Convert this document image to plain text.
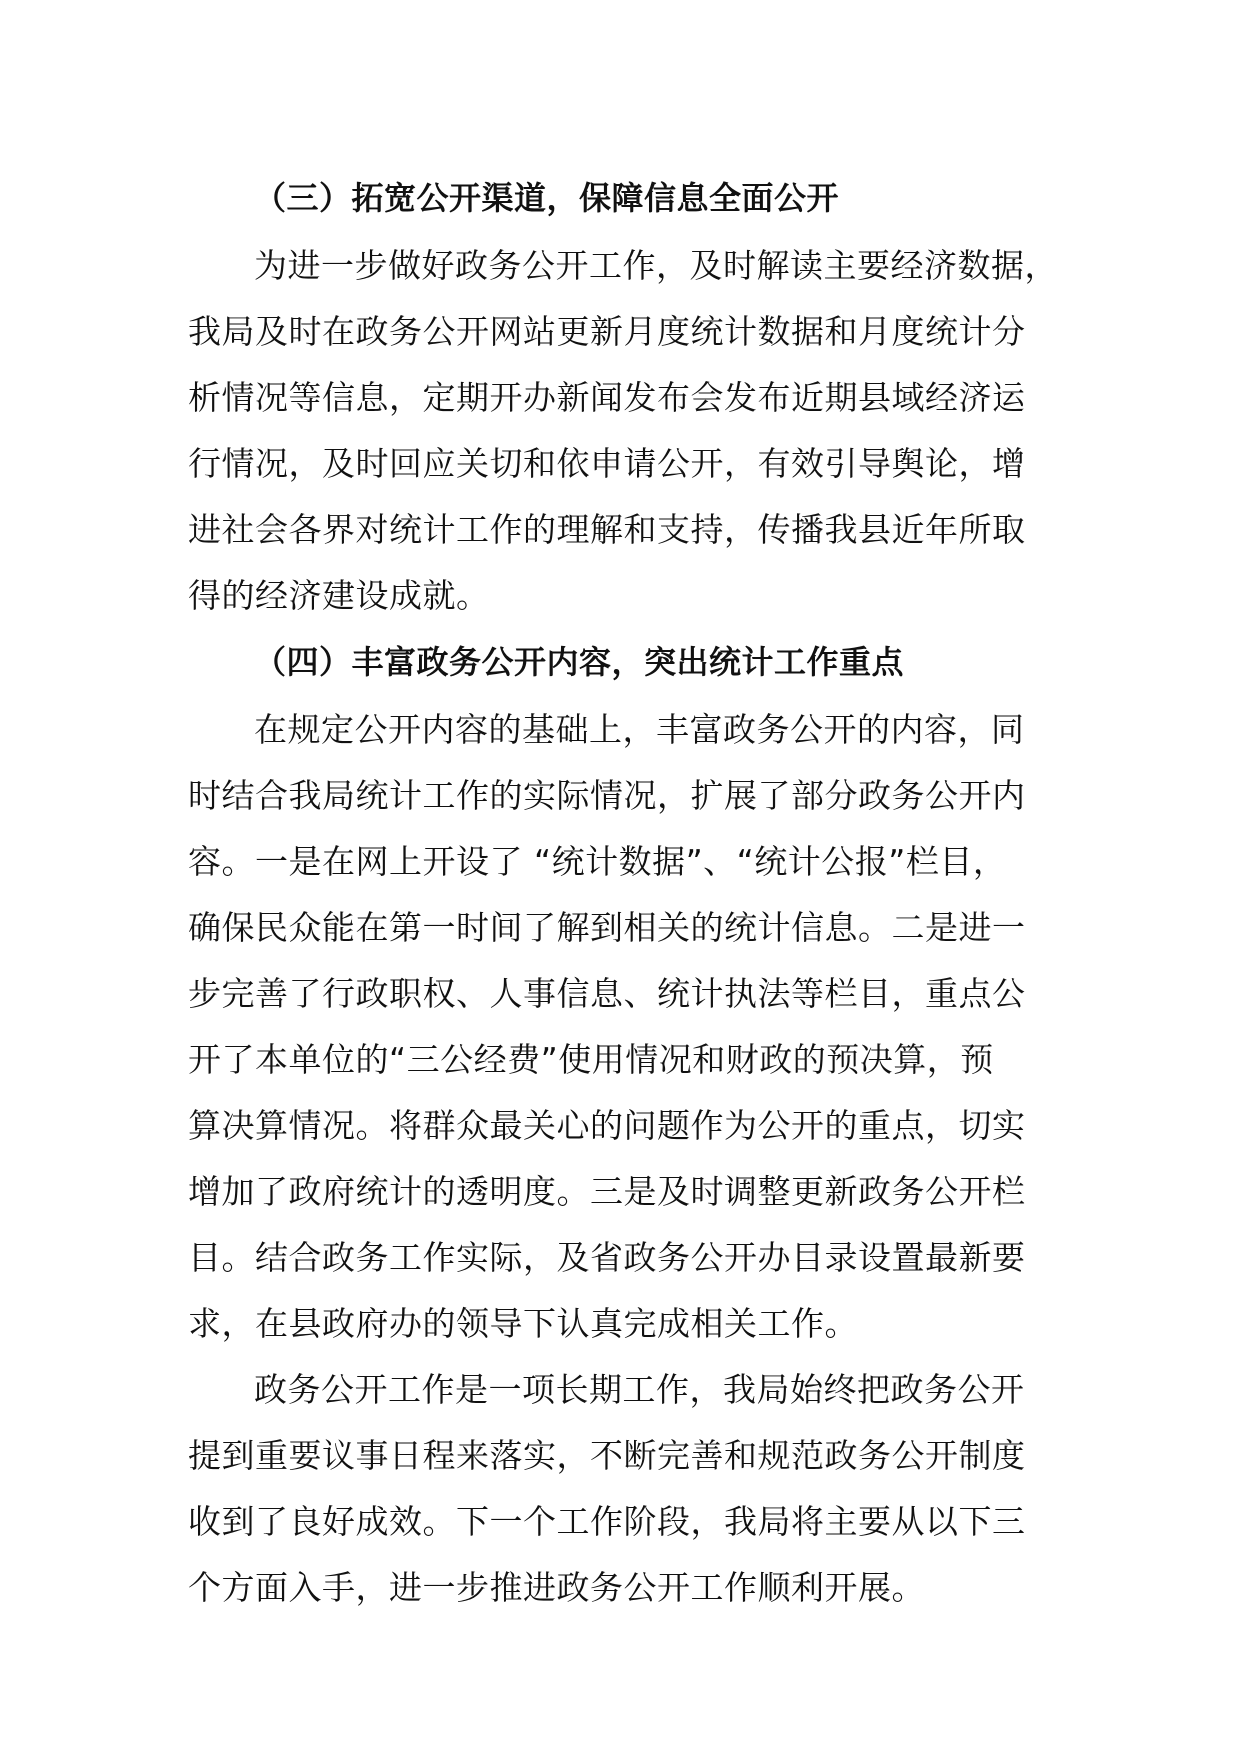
（三）拓宽公开渠道，保障信息全面公开
为进一步做好政务公开工作，及时解读主要经济数据，
我局及时在政务公开网站更新月度统计数据和月度统计分
析情况等信息，定期开办新闻发布会发布近期县域经济运
行情况，及时回应关切和依申请公开，有效引导舆论，增
进社会各界对统计工作的理解和支持，传播我县近年所取
得的经济建设成就。
（四）丰富政务公开内容，突出统计工作重点
在规定公开内容的基础上，丰富政务公开的内容，同
时结合我局统计工作的实际情况，扩展了部分政务公开内
容。一是在网上开设了 “统计数据”、“统计公报”栏目，
确保民众能在第一时间了解到相关的统计信息。二是进一
步完善了行政职权、人事信息、统计执法等栏目，重点公
开了本单位的“三公经费”使用情况和财政的预决算，预
算决算情况。将群众最关心的问题作为公开的重点，切实
增加了政府统计的透明度。三是及时调整更新政务公开栏
目。结合政务工作实际，及省政务公开办目录设置最新要
求，在县政府办的领导下认真完成相关工作。
政务公开工作是一项长期工作，我局始终把政务公开
提到重要议事日程来落实，不断完善和规范政务公开制度
收到了良好成效。下一个工作阶段，我局将主要从以下三
个方面入手，进一步推进政务公开工作顺利开展。
